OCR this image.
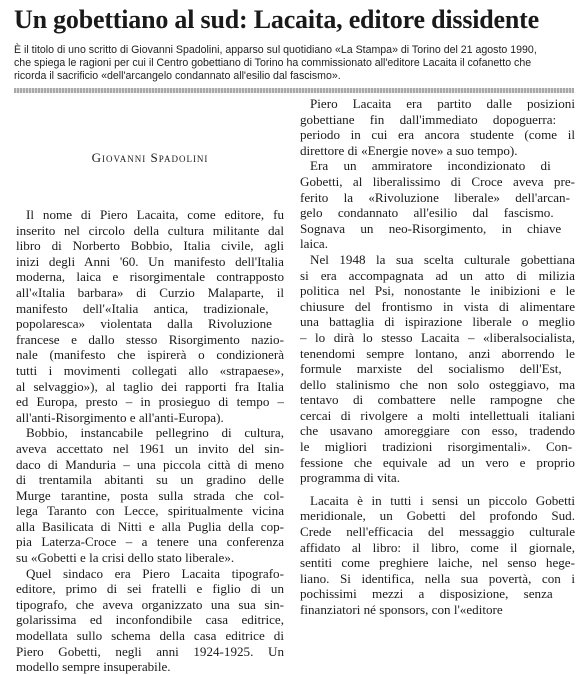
Un gobettiano al sud: Lacaita, editore dissidente
È il titolo di uno scritto di Giovanni Spadolini, apparso sul quotidiano «La Stampa» di Torino del 21 agosto 1990,
che spiega le ragioni per cui il Centro gobettiano di Torino ha commissionato all'editore Lacaita il cofanetto che
ricorda il sacrificio «dell'arcangelo condannato all'esilio dal fascismo».
Giovanni Spadolini
Il nome di Piero Lacaita, come editore, fu
inserito nel circolo della cultura militante dal
libro di Norberto Bobbio, Italia civile, agli
inizi degli Anni '60. Un manifesto dell'Italia
moderna, laica e risorgimentale contrapposto
all'«Italia barbara» di Curzio Malaparte, il
manifesto dell'«Italia antica, tradizionale,
popolaresca» violentata dalla Rivoluzione
francese e dallo stesso Risorgimento nazio-
nale (manifesto che ispirerà o condizionerà
tutti i movimenti collegati allo «strapaese»,
al selvaggio»), al taglio dei rapporti fra Italia
ed Europa, presto – in prosieguo di tempo –
all'anti-Risorgimento e all'anti-Europa).
Bobbio, instancabile pellegrino di cultura,
aveva accettato nel 1961 un invito del sin-
daco di Manduria – una piccola città di meno
di trentamila abitanti su un gradino delle
Murge tarantine, posta sulla strada che col-
lega Taranto con Lecce, spiritualmente vicina
alla Basilicata di Nitti e alla Puglia della cop-
pia Laterza-Croce – a tenere una conferenza
su «Gobetti e la crisi dello stato liberale».
Quel sindaco era Piero Lacaita tipografo-
editore, primo di sei fratelli e figlio di un
tipografo, che aveva organizzato una sua sin-
golarissima ed inconfondibile casa editrice,
modellata sullo schema della casa editrice di
Piero Gobetti, negli anni 1924-1925. Un
modello sempre insuperabile.
Piero Lacaita era partito dalle posizioni
gobettiane fin dall'immediato dopoguerra:
periodo in cui era ancora studente (come il
direttore di «Energie nove» a suo tempo).
Era un ammiratore incondizionato di
Gobetti, al liberalissimo di Croce aveva pre-
ferito la «Rivoluzione liberale» dell'arcan-
gelo condannato all'esilio dal fascismo.
Sognava un neo-Risorgimento, in chiave
laica.
Nel 1948 la sua scelta culturale gobettiana
si era accompagnata ad un atto di milizia
politica nel Psi, nonostante le inibizioni e le
chiusure del frontismo in vista di alimentare
una battaglia di ispirazione liberale o meglio
– lo dirà lo stesso Lacaita – «liberalsocialista,
tenendomi sempre lontano, anzi aborrendo le
formule marxiste del socialismo dell'Est,
dello stalinismo che non solo osteggiavo, ma
tentavo di combattere nelle rampogne che
cercai di rivolgere a molti intellettuali italiani
che usavano amoreggiare con esso, tradendo
le migliori tradizioni risorgimentali». Con-
fessione che equivale ad un vero e proprio
programma di vita.
Lacaita è in tutti i sensi un piccolo Gobetti
meridionale, un Gobetti del profondo Sud.
Crede nell'efficacia del messaggio culturale
affidato al libro: il libro, come il giornale,
sentiti come preghiere laiche, nel senso hege-
liano. Si identifica, nella sua povertà, con i
pochissimi mezzi a disposizione, senza
finanziatori né sponsors, con l'«editore
